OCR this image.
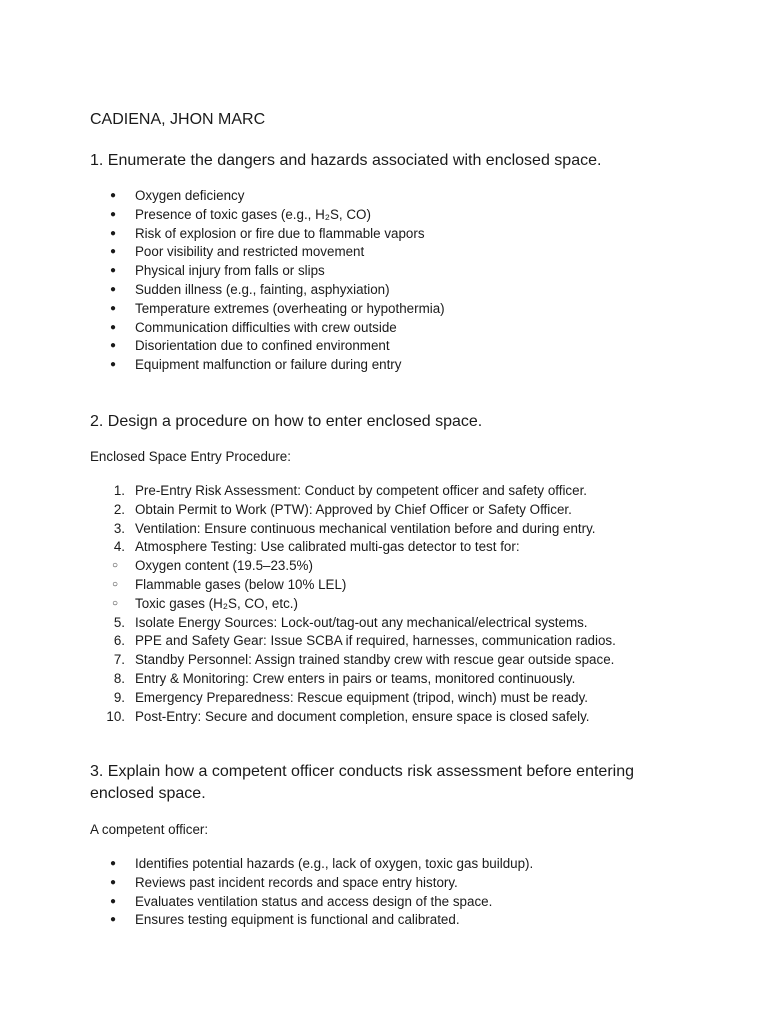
CADIENA, JHON MARC
1. Enumerate the dangers and hazards associated with enclosed space.
● Oxygen deficiency
● Presence of toxic gases (e.g., H₂S, CO)
● Risk of explosion or fire due to flammable vapors
● Poor visibility and restricted movement
● Physical injury from falls or slips
● Sudden illness (e.g., fainting, asphyxiation)
● Temperature extremes (overheating or hypothermia)
● Communication difficulties with crew outside
● Disorientation due to confined environment
● Equipment malfunction or failure during entry
2. Design a procedure on how to enter enclosed space.
Enclosed Space Entry Procedure:
1. Pre-Entry Risk Assessment: Conduct by competent officer and safety officer.
2. Obtain Permit to Work (PTW): Approved by Chief Officer or Safety Officer.
3. Ventilation: Ensure continuous mechanical ventilation before and during entry.
4. Atmosphere Testing: Use calibrated multi-gas detector to test for:
○ Oxygen content (19.5–23.5%)
○ Flammable gases (below 10% LEL)
○ Toxic gases (H₂S, CO, etc.)
5. Isolate Energy Sources: Lock-out/tag-out any mechanical/electrical systems.
6. PPE and Safety Gear: Issue SCBA if required, harnesses, communication radios.
7. Standby Personnel: Assign trained standby crew with rescue gear outside space.
8. Entry & Monitoring: Crew enters in pairs or teams, monitored continuously.
9. Emergency Preparedness: Rescue equipment (tripod, winch) must be ready.
10. Post-Entry: Secure and document completion, ensure space is closed safely.
3. Explain how a competent officer conducts risk assessment before entering enclosed space.
A competent officer:
● Identifies potential hazards (e.g., lack of oxygen, toxic gas buildup).
● Reviews past incident records and space entry history.
● Evaluates ventilation status and access design of the space.
● Ensures testing equipment is functional and calibrated.
